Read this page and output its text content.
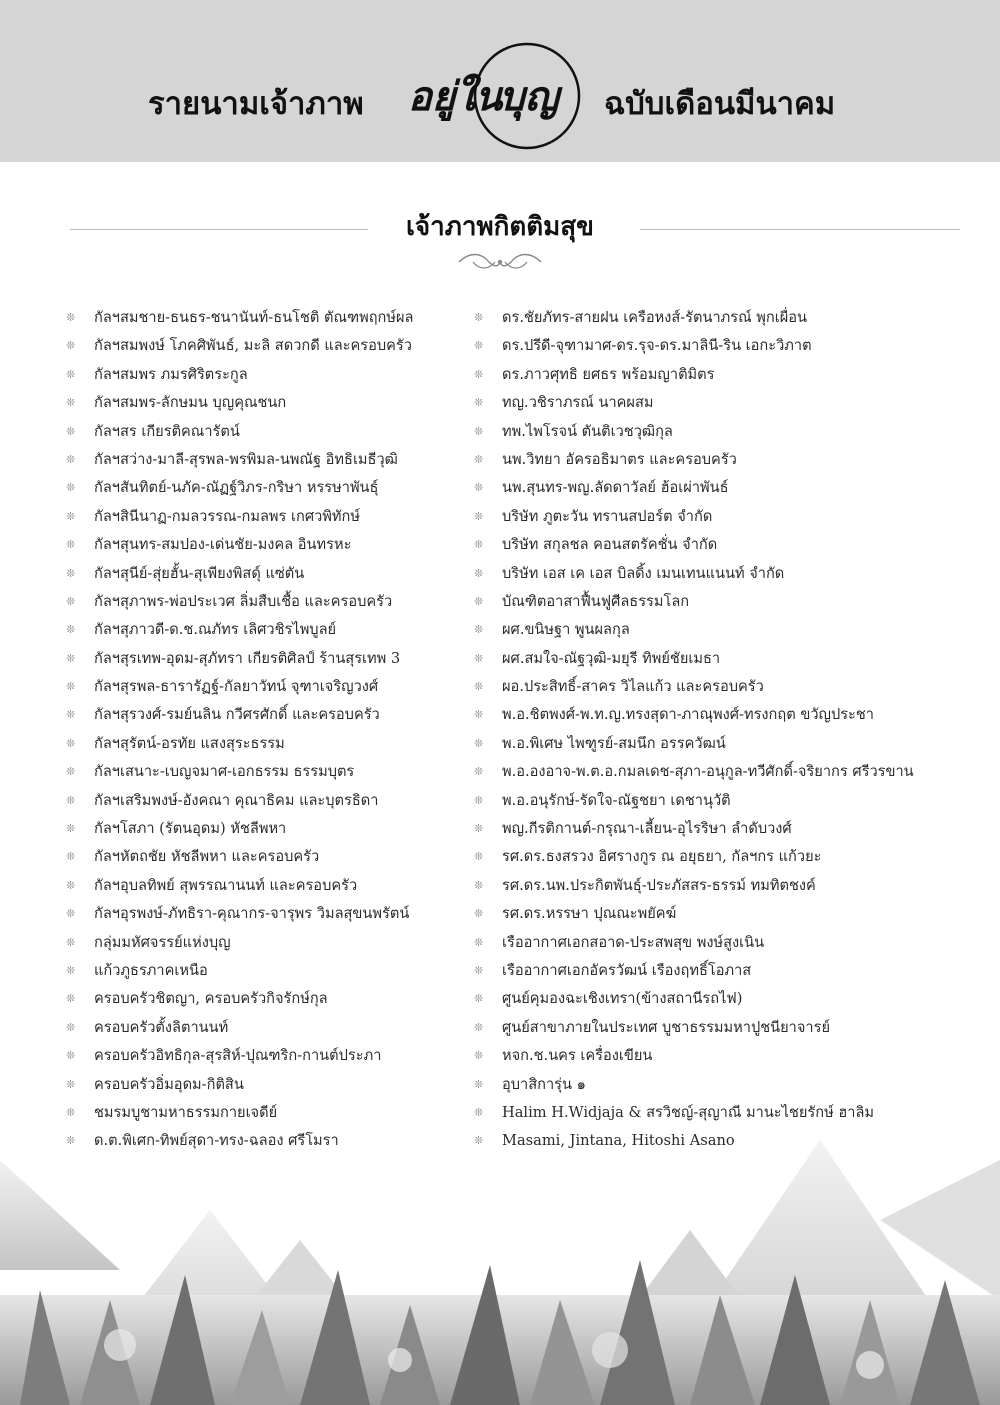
รายนามเจ้าภาพ อยู่ใน
บุญ ฉบับเดือนมีนาคม
เจ้าภาพกิตติมสุข
❊ กัลฯสมชาย-ธนธร-ชนานันท์-ธนโชติ ตัณฑพฤกษ์ผล
❊ กัลฯสมพงษ์ โภคศิพันธ์, มะลิ สดวกดี และครอบครัว
❊ กัลฯสมพร ภมรศิริตระกูล
❊ กัลฯสมพร-ลักษมน บุญคุณชนก
❊ กัลฯสร เกียรติคณารัตน์
❊ กัลฯสว่าง-มาลี-สุรพล-พรพิมล-นพณัฐ อิทธิเมธีวุฒิ
❊ กัลฯสันทิตย์-นภัค-ณัฏฐ์วิภร-กริษา หรรษาพันธุ์
❊ กัลฯสินีนาฏ-กมลวรรณ-กมลพร เกศวพิทักษ์
❊ กัลฯสุนทร-สมปอง-เด่นชัย-มงคล อินทรหะ
❊ กัลฯสุนีย์-สุ่ยฮั้น-สุเพียงพิสดุ์ แซ่ตัน
❊ กัลฯสุภาพร-พ่อประเวศ ลิ่มสืบเชื้อ และครอบครัว
❊ กัลฯสุภาวดี-ด.ช.ณภัทร เลิศวชิรไพบูลย์
❊ กัลฯสุรเทพ-อุดม-สุภัทรา เกียรติศิลป์ ร้านสุรเทพ 3
❊ กัลฯสุรพล-ธารารัฏฐ์-กัลยาวัทน์ จุฑาเจริญวงศ์
❊ กัลฯสุรวงศ์-รมย์นลิน กวีศรศักดิ์ และครอบครัว
❊ กัลฯสุรัตน์-อรทัย แสงสุระธรรม
❊ กัลฯเสนาะ-เบญจมาศ-เอกธรรม ธรรมบุตร
❊ กัลฯเสริมพงษ์-อังคณา คุณาธิคม และบุตรธิดา
❊ กัลฯโสภา (รัตนอุดม) หัชลีพหา
❊ กัลฯหัตถชัย หัชลีพหา และครอบครัว
❊ กัลฯอุบลทิพย์ สุพรรณานนท์ และครอบครัว
❊ กัลฯอุรพงษ์-ภัทธิรา-คุณากร-จารุพร วิมลสุขนพรัตน์
❊ กลุ่มมหัศจรรย์แห่งบุญ
❊ แก้วภูธรภาคเหนือ
❊ ครอบครัวชิตญา, ครอบครัวกิจรักษ์กุล
❊ ครอบครัวตั้งลิตานนท์
❊ ครอบครัวอิทธิกุล-สุรสิห์-ปุณฑริก-กานต์ประภา
❊ ครอบครัวอิ่มอุดม-กิติสิน
❊ ชมรมบูชามหาธรรมกายเจดีย์
❊ ด.ต.พิเศก-ทิพย์สุดา-ทรง-ฉลอง ศรีโมรา
❊ ดร.ชัยภัทร-สายฝน เครือหงส์-รัตนาภรณ์ พุกเผื่อน
❊ ดร.ปรีดี-จุฑามาศ-ดร.รุจ-ดร.มาลินี-ริน เอกะวิภาต
❊ ดร.ภาวศุทธิ ยศธร พร้อมญาติมิตร
❊ ทญ.วชิราภรณ์ นาคผสม
❊ ทพ.ไพโรจน์ ตันติเวชวุฒิกุล
❊ นพ.วิทยา อัครอธิมาตร และครอบครัว
❊ นพ.สุนทร-พญ.ลัดดาวัลย์ ฮ้อเผ่าพันธ์
❊ บริษัท ภูตะวัน ทรานสปอร์ต จำกัด
❊ บริษัท สกุลชล คอนสตรัคชั่น จำกัด
❊ บริษัท เอส เค เอส บิลดิ้ง เมนเทนแนนท์ จำกัด
❊ บัณฑิตอาสาฟื้นฟูศีลธรรมโลก
❊ ผศ.ขนิษฐา พูนผลกุล
❊ ผศ.สมใจ-ณัฐวุฒิ-มยุรี ทิพย์ชัยเมธา
❊ ผอ.ประสิทธิ์-สาคร วิไลแก้ว และครอบครัว
❊ พ.อ.ชิตพงศ์-พ.ท.ญ.ทรงสุดา-ภาณุพงศ์-ทรงกฤต ขวัญประชา
❊ พ.อ.พิเศษ ไพฑูรย์-สมนึก อรรควัฒน์
❊ พ.อ.องอาจ-พ.ต.อ.กมลเดช-สุภา-อนุกูล-ทวีศักดิ์-จริยากร ศรีวรขาน
❊ พ.อ.อนุรักษ์-รัดใจ-ณัฐชยา เดชานุวัติ
❊ พญ.กีรติกานต์-กรุณา-เลี้ยน-อุไรริษา ลำดับวงศ์
❊ รศ.ดร.ธงสรวง อิศรางกูร ณ อยุธยา, กัลฯกร แก้วยะ
❊ รศ.ดร.นพ.ประกิตพันธุ์-ประภัสสร-ธรรม์ ทมทิตชงค์
❊ รศ.ดร.หรรษา ปุณณะพยัคฆ์
❊ เรืออากาศเอกสอาด-ประสพสุข พงษ์สูงเนิน
❊ เรืออากาศเอกอัครวัฒน์ เรืองฤทธิ์โอภาส
❊ ศูนย์คุมองฉะเชิงเทรา(ข้างสถานีรถไฟ)
❊ ศูนย์สาขาภายในประเทศ บูชาธรรมมหาปูชนียาจารย์
❊ หจก.ช.นคร เครื่องเขียน
❊ อุบาสิการุ่น ๑
❊ Halim H.Widjaja & สรวิชญ์-สุญาณี มานะไชยรักษ์ ฮาลิม
❊ Masami, Jintana, Hitoshi Asano
